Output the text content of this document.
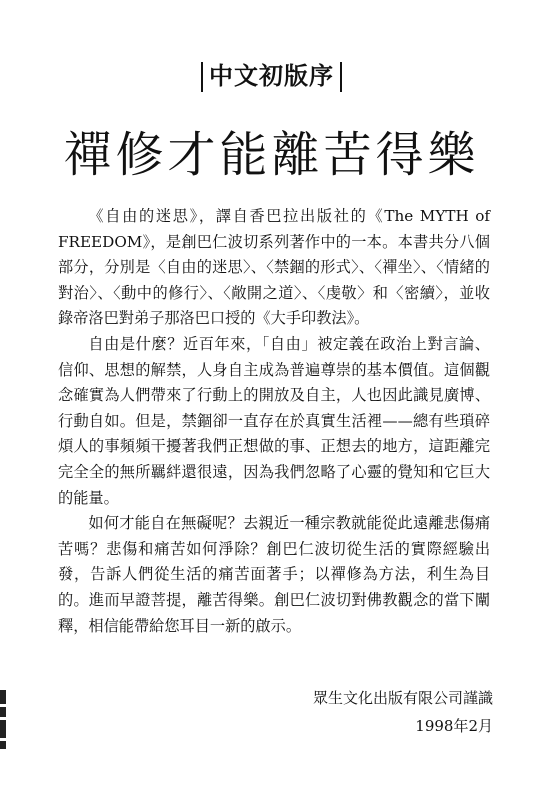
中文初版序
禪修才能離苦得樂

《自由的迷思》，譯自香巴拉出版社的《The MYTH of FREEDOM》，是創巴仁波切系列著作中的一本。本書共分八個部分，分別是〈自由的迷思〉、〈禁錮的形式〉、〈禪坐〉、〈情緒的對治〉、〈動中的修行〉、〈敞開之道〉、〈虔敬〉和〈密續〉，並收錄帝洛巴對弟子那洛巴口授的《大手印教法》。

自由是什麼？近百年來，「自由」被定義在政治上對言論、信仰、思想的解禁，人身自主成為普遍尊崇的基本價值。這個觀念確實為人們帶來了行動上的開放及自主，人也因此識見廣博、行動自如。但是，禁錮卻一直存在於真實生活裡——總有些瑣碎煩人的事頻頻干擾著我們正想做的事、正想去的地方，這距離完完全全的無所羈絆還很遠，因為我們忽略了心靈的覺知和它巨大的能量。

如何才能自在無礙呢？去親近一種宗教就能從此遠離悲傷痛苦嗎？悲傷和痛苦如何淨除？創巴仁波切從生活的實際經驗出發，告訴人們從生活的痛苦面著手；以禪修為方法，利生為目的。進而早證菩提，離苦得樂。創巴仁波切對佛教觀念的當下闡釋，相信能帶給您耳目一新的啟示。

眾生文化出版有限公司謹識
1998年2月
